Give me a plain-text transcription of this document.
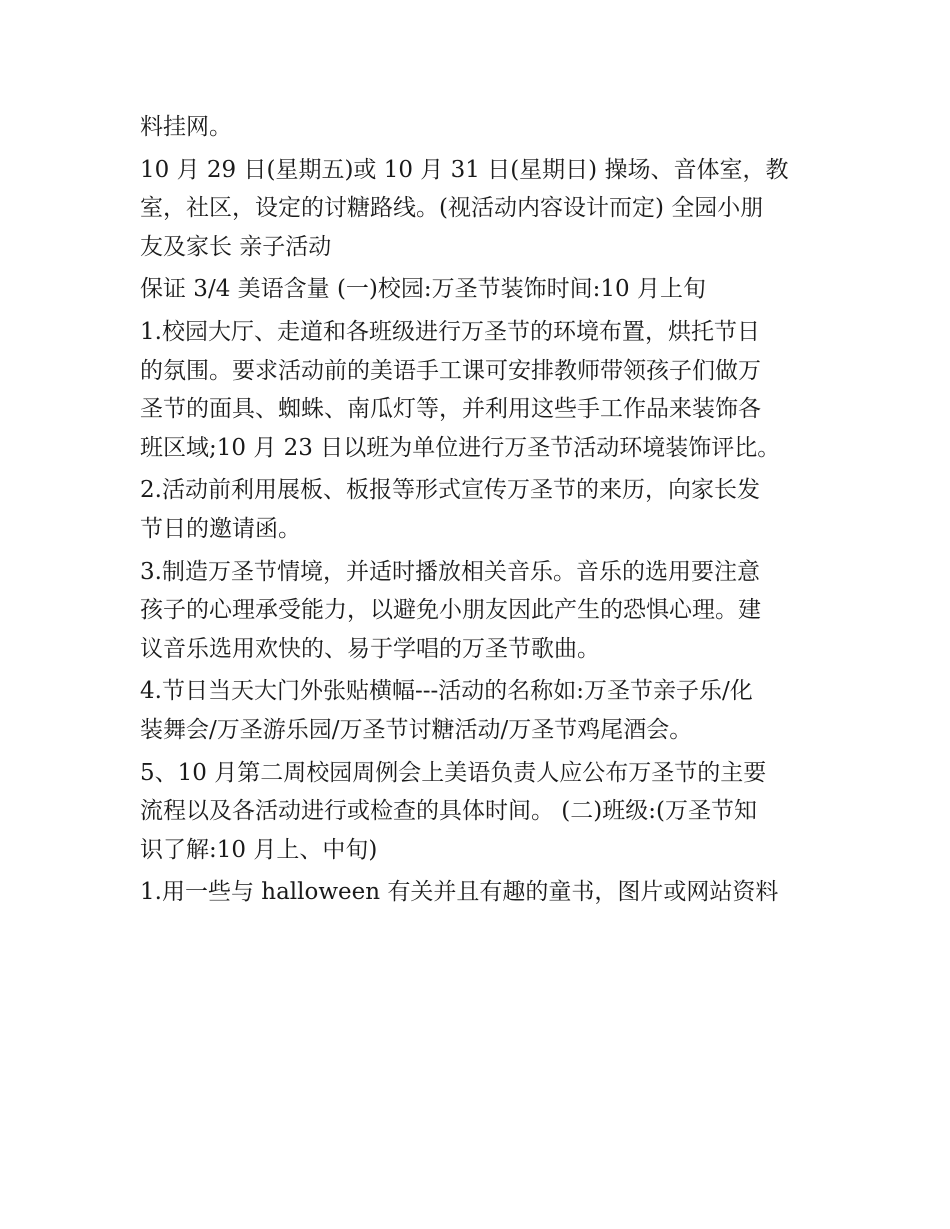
料挂网。

10 月 29 日(星期五)或 10 月 31 日(星期日) 操场、音体室，教
室，社区，设定的讨糖路线。(视活动内容设计而定) 全园小朋
友及家长 亲子活动

保证 3/4 美语含量 (一)校园:万圣节装饰时间:10 月上旬

1.校园大厅、走道和各班级进行万圣节的环境布置，烘托节日
的氛围。要求活动前的美语手工课可安排教师带领孩子们做万
圣节的面具、蜘蛛、南瓜灯等，并利用这些手工作品来装饰各
班区域;10 月 23 日以班为单位进行万圣节活动环境装饰评比。

2.活动前利用展板、板报等形式宣传万圣节的来历，向家长发
节日的邀请函。

3.制造万圣节情境，并适时播放相关音乐。音乐的选用要注意
孩子的心理承受能力，以避免小朋友因此产生的恐惧心理。建
议音乐选用欢快的、易于学唱的万圣节歌曲。

4.节日当天大门外张贴横幅---活动的名称如:万圣节亲子乐/化
装舞会/万圣游乐园/万圣节讨糖活动/万圣节鸡尾酒会。

5、10 月第二周校园周例会上美语负责人应公布万圣节的主要
流程以及各活动进行或检查的具体时间。 (二)班级:(万圣节知
识了解:10 月上、中旬)

1.用一些与 halloween 有关并且有趣的童书，图片或网站资料
